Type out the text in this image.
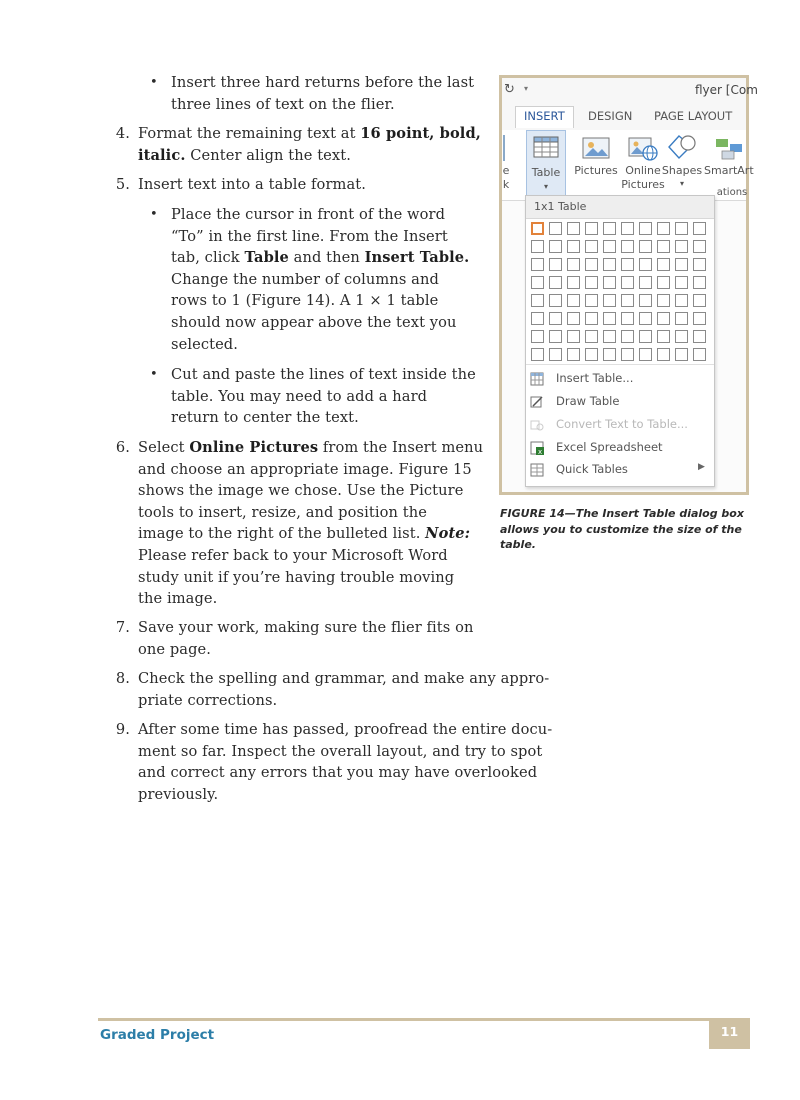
• Insert three hard returns before the last
three lines of text on the flier.
4. Format the remaining text at 16 point, bold,
italic. Center align the text.
5. Insert text into a table format.
• Place the cursor in front of the word
“To” in the first line. From the Insert
tab, click Table and then Insert Table.
Change the number of columns and
rows to 1 (Figure 14). A 1 × 1 table
should now appear above the text you
selected.
• Cut and paste the lines of text inside the
table. You may need to add a hard
return to center the text.
6. Select Online Pictures from the Insert menu
and choose an appropriate image. Figure 15
shows the image we chose. Use the Picture
tools to insert, resize, and position the
image to the right of the bulleted list. Note:
Please refer back to your Microsoft Word
study unit if you’re having trouble moving
the image.
7. Save your work, making sure the flier fits on
one page.
8. Check the spelling and grammar, and make any appro-
priate corrections.
9. After some time has passed, proofread the entire docu-
ment so far. Inspect the overall layout, and try to spot
and correct any errors that you may have overlooked
previously.
↻ ▾	flyer [Com
INSERT	DESIGN PAGE LAYOUT
e
k
Table
▾
Pictures Online
Pictures
Shapes
▾
SmartArt
ations
1x1 Table
Insert Table...
Draw Table
Convert Text to Table...
x Excel Spreadsheet
Quick Tables	▶
FIGURE 14—The Insert Table dialog box allows you to customize the size of the table.
Graded Project	11
